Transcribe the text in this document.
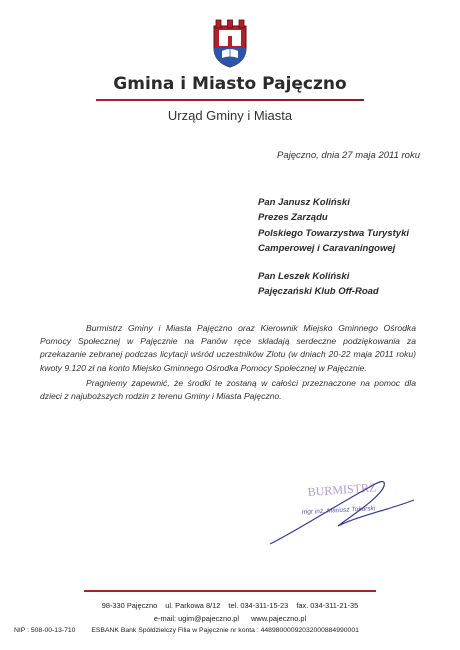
Gmina i Miasto Pajęczno
Urząd Gminy i Miasta
Pajęczno, dnia 27 maja 2011 roku
Pan Janusz Koliński
Prezes Zarządu
Polskiego Towarzystwa Turystyki
Camperowej i Caravaningowej
Pan Leszek Koliński
Pajęczański Klub Off-Road

Burmistrz Gminy i Miasta Pajęczno oraz Kierownik Miejsko Gminnego Ośrodka Pomocy Społecznej w Pajęcznie na Panów ręce składają serdeczne podziękowania za przekazanie zebranej podczas licytacji wśród uczestników Zlotu (w dniach 20-22 maja 2011 roku) kwoty 9.120 zł na konto Miejsko Gminnego Ośrodka Pomocy Społecznej w Pajęcznie.

Pragniemy zapewnić, że środki te zostaną w całości przeznaczone na pomoc dla dzieci z najuboższych rodzin z terenu Gminy i Miasta Pajęczno.

BURMISTRZ
mgr inż. Mariusz Tokarski
98-330 Pajęczno ul. Parkowa 8/12 tel. 034-311-15-23 fax. 034-311-21-35
e-mail: ugim@pajeczno.pl www.pajeczno.pl
NIP : 508-00-13-710 ESBANK Bank Spółdzielczy Filia w Pajęcznie nr konta : 44898000092032000884990001
